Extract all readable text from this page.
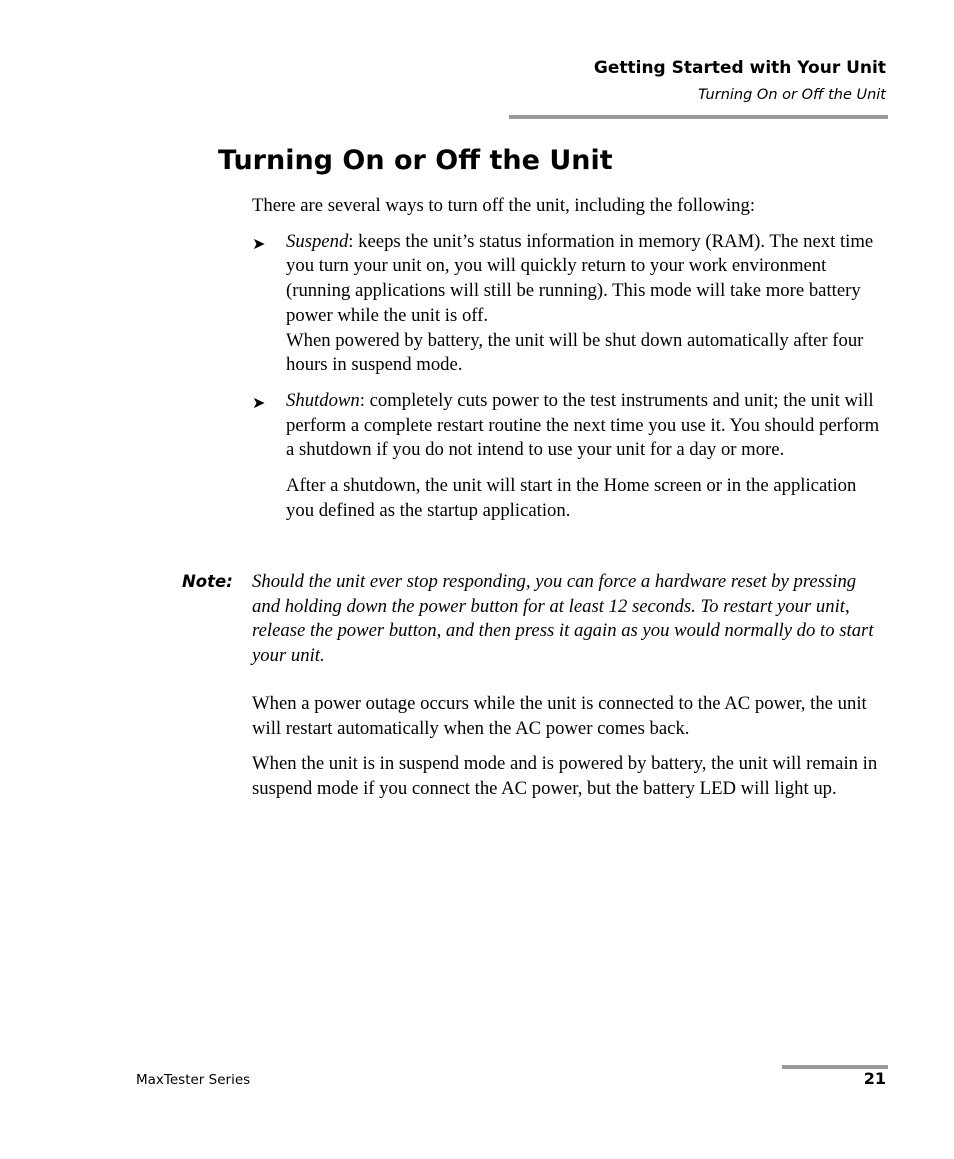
Getting Started with Your Unit
Turning On or Off the Unit
Turning On or Off the Unit

There are several ways to turn off the unit, including the following:

➤ Suspend: keeps the unit’s status information in memory (RAM). The next time you turn your unit on, you will quickly return to your work environment (running applications will still be running). This mode will take more battery power while the unit is off.

When powered by battery, the unit will be shut down automatically after four hours in suspend mode.

➤ Shutdown: completely cuts power to the test instruments and unit; the unit will perform a complete restart routine the next time you use it. You should perform a shutdown if you do not intend to use your unit for a day or more.

After a shutdown, the unit will start in the Home screen or in the application you defined as the startup application.

Note: Should the unit ever stop responding, you can force a hardware reset by pressing and holding down the power button for at least 12 seconds. To restart your unit, release the power button, and then press it again as you would normally do to start your unit.

When a power outage occurs while the unit is connected to the AC power, the unit will restart automatically when the AC power comes back.

When the unit is in suspend mode and is powered by battery, the unit will remain in suspend mode if you connect the AC power, but the battery LED will light up.

MaxTester Series	21
